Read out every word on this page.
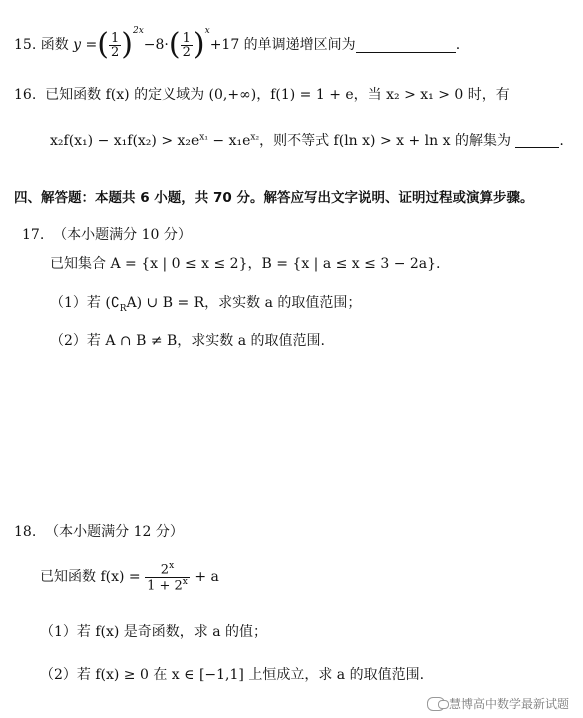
15.
函数
y = ( $\frac{1}{2} )^{2x}$
−8· ( $\frac{1}{2} )^x$
+17 的单调递增区间为	.
16. 已知函数 f(x) 的定义域为 (0,+∞)，f(1) = 1 + e，当 x₂ > x₁ > 0 时，有
$x_2f(x_1) - x_1f(x_2) > x_2e^{x_1} - x_1e^{x_2}$，则不等式 f(ln x) > x + ln x 的解集为	.
四、解答题：本题共 6 小题，共 70 分。解答应写出文字说明、证明过程或演算步骤。
17. （本小题满分 10 分）
已知集合 A = {x | 0 ≤ x ≤ 2}，B = {x | a ≤ x ≤ 3 − 2a}.
（1）若 $(∁_RA)$ ∪ B = R，求实数 a 的取值范围；
（2）若 A ∩ B ≠ B，求实数 a 的取值范围.
18. （本小题满分 12 分）
已知函数 f(x) =
$\frac{2^x}{1 + 2^x}$
+ a
（1）若 f(x) 是奇函数，求 a 的值；
（2）若 f(x) ≥ 0 在 x ∈ [−1,1] 上恒成立，求 a 的取值范围.
慧博高中数学最新试题
